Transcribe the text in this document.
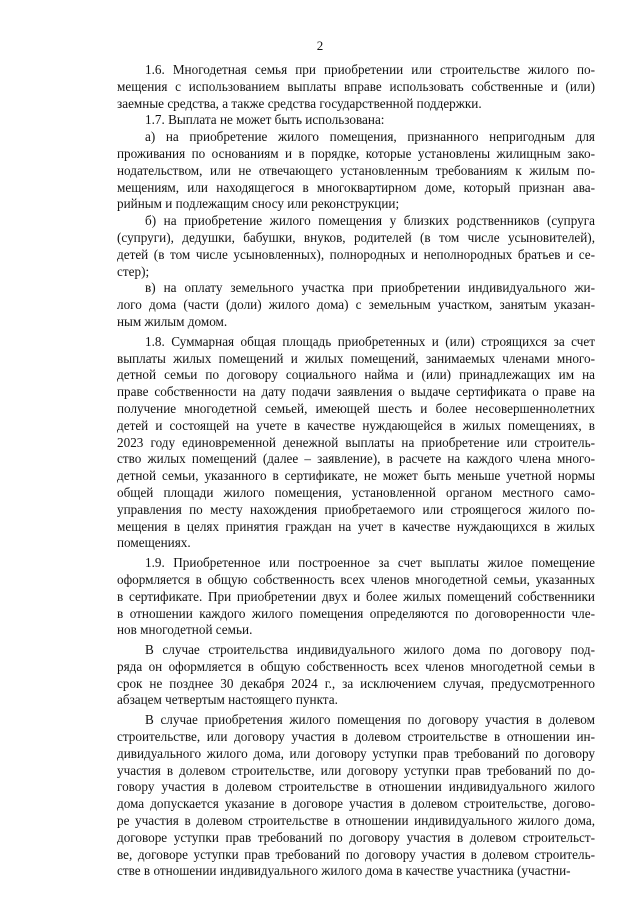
2
1.6. Многодетная семья при приобретении или строительстве жилого по-
мещения с использованием выплаты вправе использовать собственные и (или)
заемные средства, а также средства государственной поддержки.
1.7. Выплата не может быть использована:
а) на приобретение жилого помещения, признанного непригодным для
проживания по основаниям и в порядке, которые установлены жилищным зако-
нодательством, или не отвечающего установленным требованиям к жилым по-
мещениям, или находящегося в многоквартирном доме, который признан ава-
рийным и подлежащим сносу или реконструкции;
б) на приобретение жилого помещения у близких родственников (супруга
(супруги), дедушки, бабушки, внуков, родителей (в том числе усыновителей),
детей (в том числе усыновленных), полнородных и неполнородных братьев и се-
стер);
в) на оплату земельного участка при приобретении индивидуального жи-
лого дома (части (доли) жилого дома) с земельным участком, занятым указан-
ным жилым домом.
1.8. Суммарная общая площадь приобретенных и (или) строящихся за счет
выплаты жилых помещений и жилых помещений, занимаемых членами много-
детной семьи по договору социального найма и (или) принадлежащих им на
праве собственности на дату подачи заявления о выдаче сертификата о праве на
получение многодетной семьей, имеющей шесть и более несовершеннолетних
детей и состоящей на учете в качестве нуждающейся в жилых помещениях, в
2023 году единовременной денежной выплаты на приобретение или строитель-
ство жилых помещений (далее – заявление), в расчете на каждого члена много-
детной семьи, указанного в сертификате, не может быть меньше учетной нормы
общей площади жилого помещения, установленной органом местного само-
управления по месту нахождения приобретаемого или строящегося жилого по-
мещения в целях принятия граждан на учет в качестве нуждающихся в жилых
помещениях.
1.9. Приобретенное или построенное за счет выплаты жилое помещение
оформляется в общую собственность всех членов многодетной семьи, указанных
в сертификате. При приобретении двух и более жилых помещений собственники
в отношении каждого жилого помещения определяются по договоренности чле-
нов многодетной семьи.
В случае строительства индивидуального жилого дома по договору под-
ряда он оформляется в общую собственность всех членов многодетной семьи в
срок не позднее 30 декабря 2024 г., за исключением случая, предусмотренного
абзацем четвертым настоящего пункта.
В случае приобретения жилого помещения по договору участия в долевом
строительстве, или договору участия в долевом строительстве в отношении ин-
дивидуального жилого дома, или договору уступки прав требований по договору
участия в долевом строительстве, или договору уступки прав требований по до-
говору участия в долевом строительстве в отношении индивидуального жилого
дома допускается указание в договоре участия в долевом строительстве, догово-
ре участия в долевом строительстве в отношении индивидуального жилого дома,
договоре уступки прав требований по договору участия в долевом строительст-
ве, договоре уступки прав требований по договору участия в долевом строитель-
стве в отношении индивидуального жилого дома в качестве участника (участни-
